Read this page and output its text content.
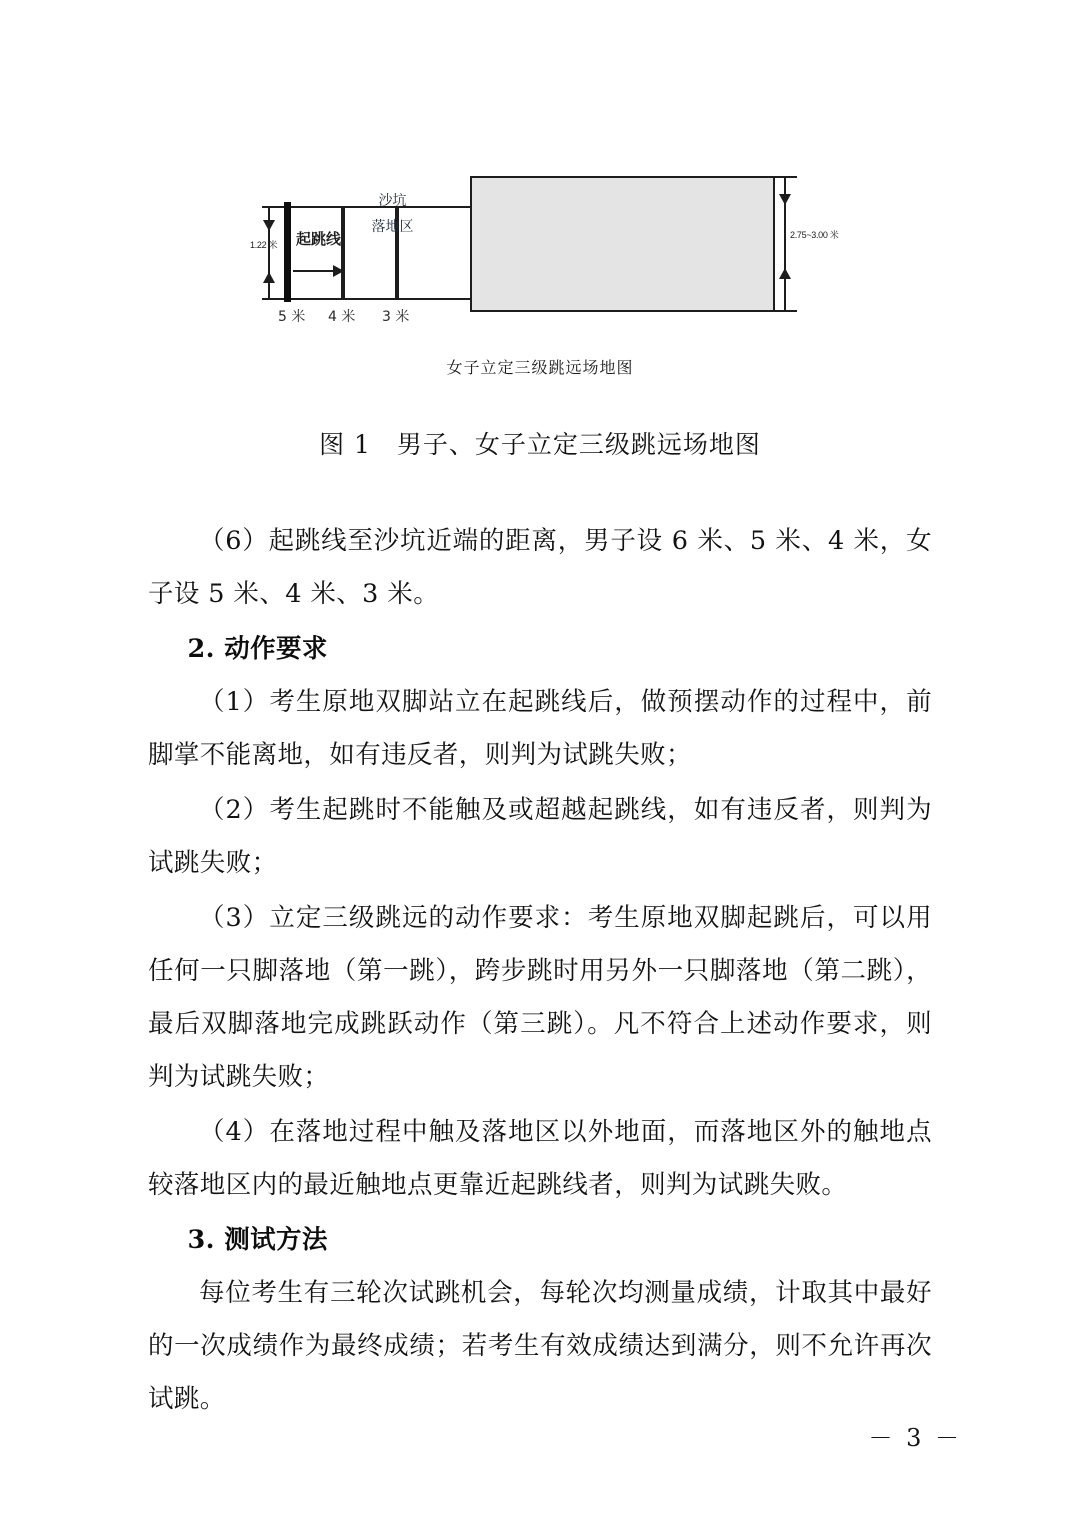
1.22 米 起跳线
5 米 4 米 3 米
沙坑
落地区	2.75~3.00 米
女子立定三级跳远场地图
图 1　男子、女子立定三级跳远场地图

（6）起跳线至沙坑近端的距离，男子设 6 米、5 米、4 米，女子设 5 米、4 米、3 米。

2. 动作要求

（1）考生原地双脚站立在起跳线后，做预摆动作的过程中，前脚掌不能离地，如有违反者，则判为试跳失败；

（2）考生起跳时不能触及或超越起跳线，如有违反者，则判为试跳失败；

（3）立定三级跳远的动作要求：考生原地双脚起跳后，可以用任何一只脚落地（第一跳），跨步跳时用另外一只脚落地（第二跳），最后双脚落地完成跳跃动作（第三跳）。凡不符合上述动作要求，则判为试跳失败；

（4）在落地过程中触及落地区以外地面，而落地区外的触地点较落地区内的最近触地点更靠近起跳线者，则判为试跳失败。

3. 测试方法

每位考生有三轮次试跳机会，每轮次均测量成绩，计取其中最好的一次成绩作为最终成绩；若考生有效成绩达到满分，则不允许再次试跳。

－ 3 －
